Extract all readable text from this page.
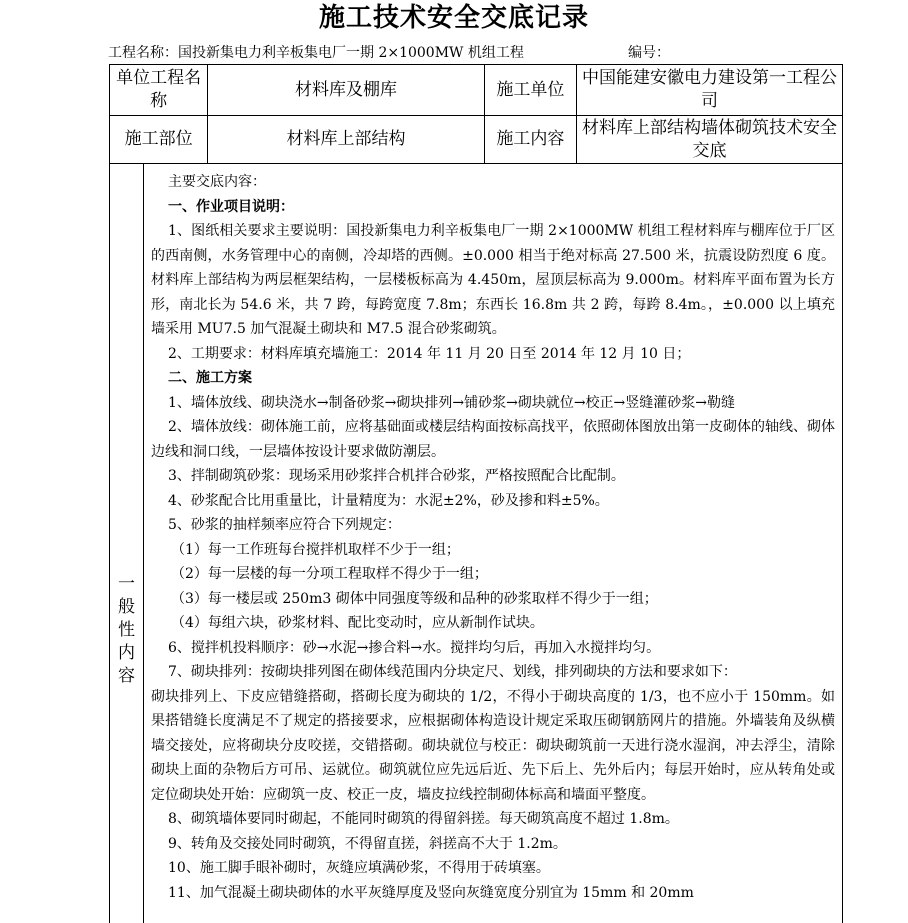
施工技术安全交底记录
工程名称：国投新集电力利辛板集电厂一期 2×1000MW 机组工程	编号：
单位工程名称	材料库及棚库	施工单位	中国能建安徽电力建设第一工程公司
施工部位	材料库上部结构	施工内容	材料库上部结构墙体砌筑技术安全交底
一
般
性
内
容

主要交底内容：

一、作业项目说明：

1、图纸相关要求主要说明：国投新集电力利辛板集电厂一期 2×1000MW 机组工程材料库与棚库位于厂区的西南侧，水务管理中心的南侧，冷却塔的西侧。±0.000 相当于绝对标高 27.500 米，抗震设防烈度 6 度。材料库上部结构为两层框架结构，一层楼板标高为 4.450m，屋顶层标高为 9.000m。材料库平面布置为长方形，南北长为 54.6 米，共 7 跨，每跨宽度 7.8m；东西长 16.8m 共 2 跨，每跨 8.4m。，±0.000 以上填充墙采用 MU7.5 加气混凝土砌块和 M7.5 混合砂浆砌筑。

2、工期要求：材料库填充墙施工：2014 年 11 月 20 日至 2014 年 12 月 10 日；

二、施工方案

1、墙体放线、砌块浇水→制备砂浆→砌块排列→铺砂浆→砌块就位→校正→竖缝灌砂浆→勒缝

2、墙体放线：砌体施工前，应将基础面或楼层结构面按标高找平，依照砌体图放出第一皮砌体的轴线、砌体边线和洞口线，一层墙体按设计要求做防潮层。

3、拌制砌筑砂浆：现场采用砂浆拌合机拌合砂浆，严格按照配合比配制。

4、砂浆配合比用重量比，计量精度为：水泥±2%，砂及掺和料±5%。

5、砂浆的抽样频率应符合下列规定：

（1）每一工作班每台搅拌机取样不少于一组；

（2）每一层楼的每一分项工程取样不得少于一组；

（3）每一楼层或 250m3 砌体中同强度等级和品种的砂浆取样不得少于一组；

（4）每组六块，砂浆材料、配比变动时，应从新制作试块。

6、搅拌机投料顺序：砂→水泥→掺合料→水。搅拌均匀后，再加入水搅拌均匀。

7、砌块排列：按砌块排列图在砌体线范围内分块定尺、划线，排列砌块的方法和要求如下：

砌块排列上、下皮应错缝搭砌，搭砌长度为砌块的 1/2，不得小于砌块高度的 1/3，也不应小于 150mm。如果搭错缝长度满足不了规定的搭接要求，应根据砌体构造设计规定采取压砌钢筋网片的措施。外墙装角及纵横墙交接处，应将砌块分皮咬搓，交错搭砌。砌块就位与校正：砌块砌筑前一天进行浇水湿润，冲去浮尘，清除砌块上面的杂物后方可吊、运就位。砌筑就位应先远后近、先下后上、先外后内；每层开始时，应从转角处或定位砌块处开始：应砌筑一皮、校正一皮，墙皮拉线控制砌体标高和墙面平整度。

8、砌筑墙体要同时砌起，不能同时砌筑的得留斜搓。每天砌筑高度不超过 1.8m。

9、转角及交接处同时砌筑，不得留直搓，斜搓高不大于 1.2m。

10、施工脚手眼补砌时，灰缝应填满砂浆，不得用于砖填塞。

11、加气混凝土砌块砌体的水平灰缝厚度及竖向灰缝宽度分别宜为 15mm 和 20mm
